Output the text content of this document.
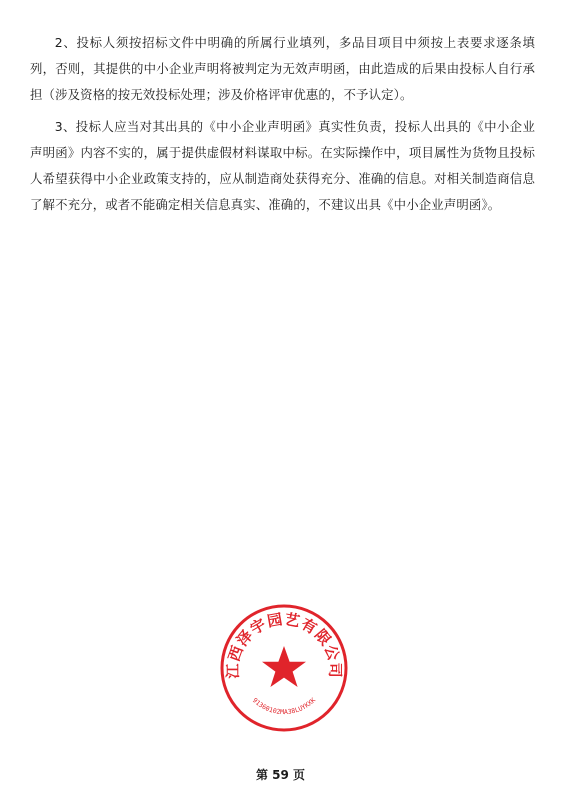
2、投标人须按招标文件中明确的所属行业填列，多品目项目中须按上表要求逐条填列，否则，其提供的中小企业声明将被判定为无效声明函，由此造成的后果由投标人自行承担（涉及资格的按无效投标处理；涉及价格评审优惠的，不予认定）。

3、投标人应当对其出具的《中小企业声明函》真实性负责，投标人出具的《中小企业声明函》内容不实的，属于提供虚假材料谋取中标。在实际操作中，项目属性为货物且投标人希望获得中小企业政策支持的，应从制造商处获得充分、准确的信息。对相关制造商信息了解不充分，或者不能确定相关信息真实、准确的，不建议出具《中小企业声明函》。

江西泽宇园艺有限公司
91360102MA38LUYKXK
第 59 页
